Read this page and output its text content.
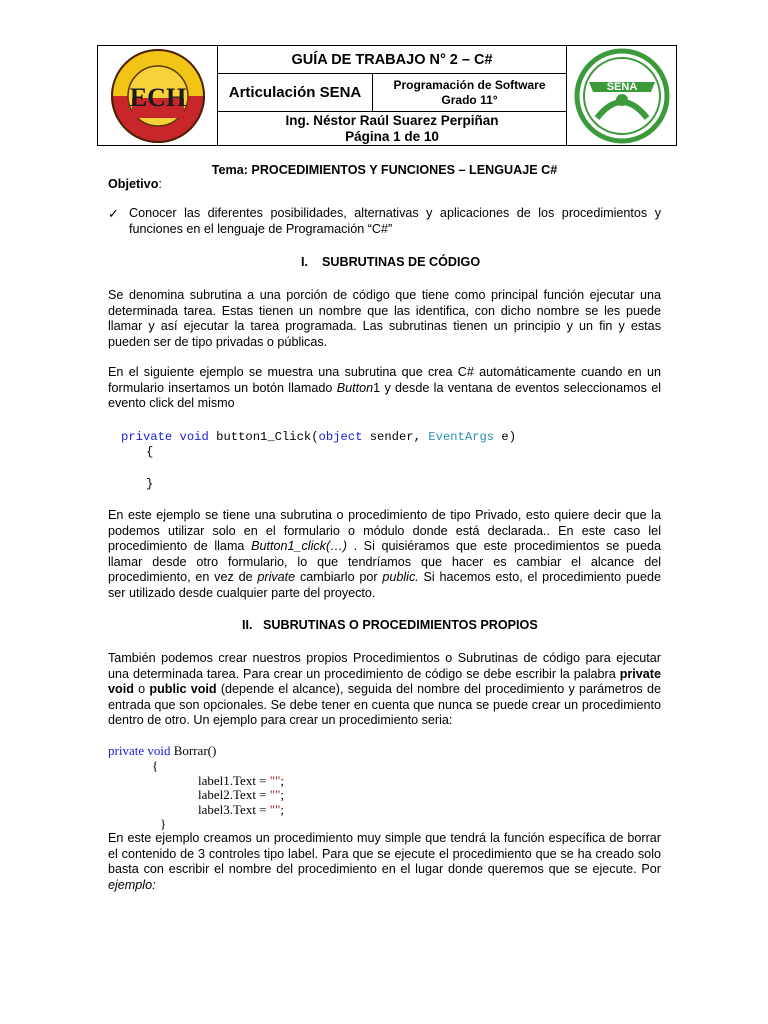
ECH
GUÍA DE TRABAJO N° 2 – C#
Articulación SENA	Programación de Software
Grado 11°
Ing. Néstor Raúl Suarez Perpiñan
Página 1 de 10
SENA
Tema: PROCEDIMIENTOS Y FUNCIONES – LENGUAJE C#
Objetivo:
✓ Conocer las diferentes posibilidades, alternativas y aplicaciones de los procedimientos y funciones en el lenguaje de Programación “C#”
I.    SUBRUTINAS DE CÓDIGO
Se denomina subrutina a una porción de código que tiene como principal función ejecutar una determinada tarea. Estas tienen un nombre que las identifica, con dicho nombre se les puede llamar y así ejecutar la tarea programada. Las subrutinas tienen un principio y un fin y estas pueden ser de tipo privadas o públicas.
En el siguiente ejemplo se muestra una subrutina que crea C# automáticamente cuando en un formulario insertamos un botón llamado Button1 y desde la ventana de eventos seleccionamos el evento click del mismo
private void button1_Click(object sender, EventArgs e)
{
}
En este ejemplo se tiene una subrutina o procedimiento de tipo Privado, esto quiere decir que la podemos utilizar solo en el formulario o módulo donde está declarada.. En este caso lel procedimiento de llama Button1_click(…) . Si quisiéramos que este procedimientos se pueda llamar desde otro formulario, lo que tendríamos que hacer es cambiar el alcance del procedimiento, en vez de private cambiarlo por public. Si hacemos esto, el procedimiento puede ser utilizado desde cualquier parte del proyecto.
II.   SUBRUTINAS O PROCEDIMIENTOS PROPIOS
También podemos crear nuestros propios Procedimientos o Subrutinas de código para ejecutar una determinada tarea. Para crear un procedimiento de código se debe escribir la palabra private void o public void (depende el alcance), seguida del nombre del procedimiento y parámetros de entrada que son opcionales. Se debe tener en cuenta que nunca se puede crear un procedimiento dentro de otro. Un ejemplo para crear un procedimiento seria:
private void Borrar()
{
label1.Text = "";
label2.Text = "";
label3.Text = "";
}
En este ejemplo creamos un procedimiento muy simple que tendrá la función específica de borrar el contenido de 3 controles tipo label. Para que se ejecute el procedimiento que se ha creado solo basta con escribir el nombre del procedimiento en el lugar donde queremos que se ejecute. Por ejemplo:
